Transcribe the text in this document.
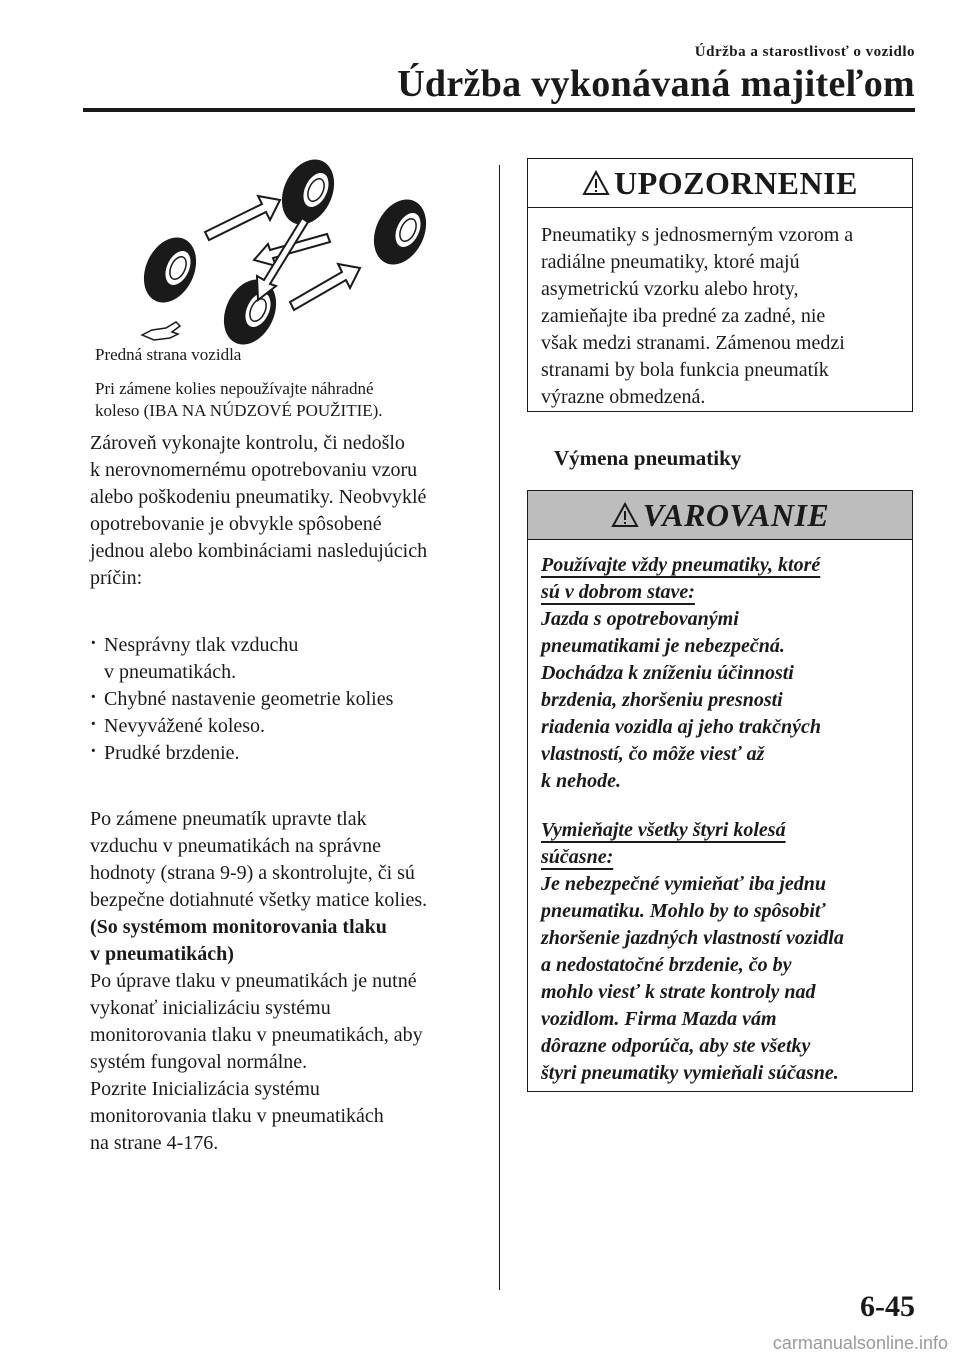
Údržba a starostlivosť o vozidlo
Údržba vykonávaná majiteľom
Predná strana vozidla
Pri zámene kolies nepoužívajte náhradné
koleso (IBA NA NÚDZOVÉ POUŽITIE).
Zároveň vykonajte kontrolu, či nedošlo
k nerovnomernému opotrebovaniu vzoru
alebo poškodeniu pneumatiky. Neobvyklé
opotrebovanie je obvykle spôsobené
jednou alebo kombináciami nasledujúcich
príčin:
· Nesprávny tlak vzduchu
v pneumatikách.
· Chybné nastavenie geometrie kolies
· Nevyvážené koleso.
· Prudké brzdenie.
Po zámene pneumatík upravte tlak
vzduchu v pneumatikách na správne
hodnoty (strana 9-9) a skontrolujte, či sú
bezpečne dotiahnuté všetky matice kolies.
(So systémom monitorovania tlaku
v pneumatikách)
Po úprave tlaku v pneumatikách je nutné
vykonať inicializáciu systému
monitorovania tlaku v pneumatikách, aby
systém fungoval normálne.
Pozrite Inicializácia systému
monitorovania tlaku v pneumatikách
na strane 4-176.
UPOZORNENIE
Pneumatiky s jednosmerným vzorom a
radiálne pneumatiky, ktoré majú
asymetrickú vzorku alebo hroty,
zamieňajte iba predné za zadné, nie
však medzi stranami. Zámenou medzi
stranami by bola funkcia pneumatík
výrazne obmedzená.
Výmena pneumatiky
VAROVANIE
Používajte vždy pneumatiky, ktoré
sú v dobrom stave:
Jazda s opotrebovanými
pneumatikami je nebezpečná.
Dochádza k zníženiu účinnosti
brzdenia, zhoršeniu presnosti
riadenia vozidla aj jeho trakčných
vlastností, čo môže viesť až
k nehode.
Vymieňajte všetky štyri kolesá
súčasne:
Je nebezpečné vymieňať iba jednu
pneumatiku. Mohlo by to spôsobiť
zhoršenie jazdných vlastností vozidla
a nedostatočné brzdenie, čo by
mohlo viesť k strate kontroly nad
vozidlom. Firma Mazda vám
dôrazne odporúča, aby ste všetky
štyri pneumatiky vymieňali súčasne.
6-45
carmanualsonline.info
